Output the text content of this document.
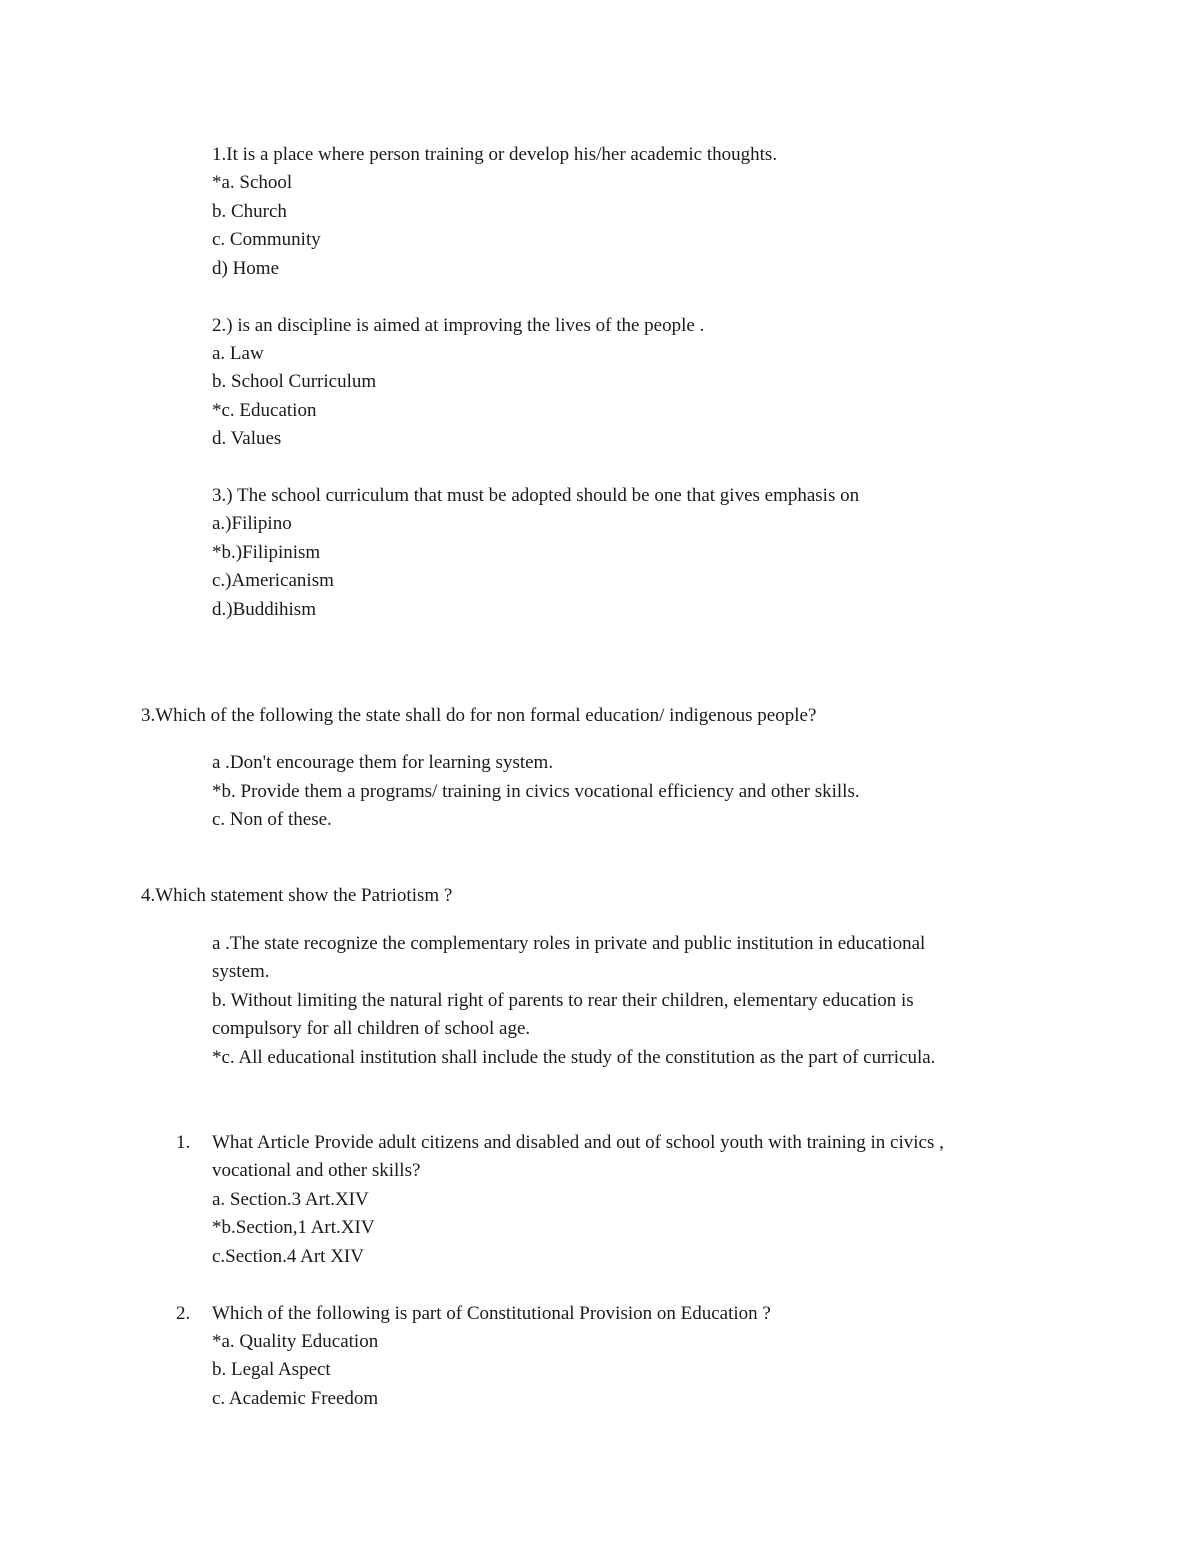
1.It is a place where person training or develop his/her academic thoughts.
*a. School
b. Church
c. Community
d) Home
2.) is an discipline is aimed at improving the lives of the people .
a. Law
b. School Curriculum
*c. Education
d. Values
3.) The school curriculum that must be adopted should be one that gives emphasis on
a.)Filipino
*b.)Filipinism
c.)Americanism
d.)Buddihism
3.Which of the following the state shall do for non formal education/ indigenous people?
a .Don't encourage them for learning system.
*b. Provide them a programs/ training in civics vocational efficiency and other skills.
c. Non of these.
4.Which statement show the Patriotism ?
a .The state recognize the complementary roles in private and public institution in educational
system.
b. Without limiting the natural right of parents to rear their children, elementary education is
compulsory for all children of school age.
*c. All educational institution shall include the study of the constitution as the part of curricula.
1. What Article Provide adult citizens and disabled and out of school youth with training in civics ,
vocational and other skills?
a. Section.3 Art.XIV
*b.Section,1 Art.XIV
c.Section.4 Art XIV
2. Which of the following is part of Constitutional Provision on Education ?
*a. Quality Education
b. Legal Aspect
c. Academic Freedom
